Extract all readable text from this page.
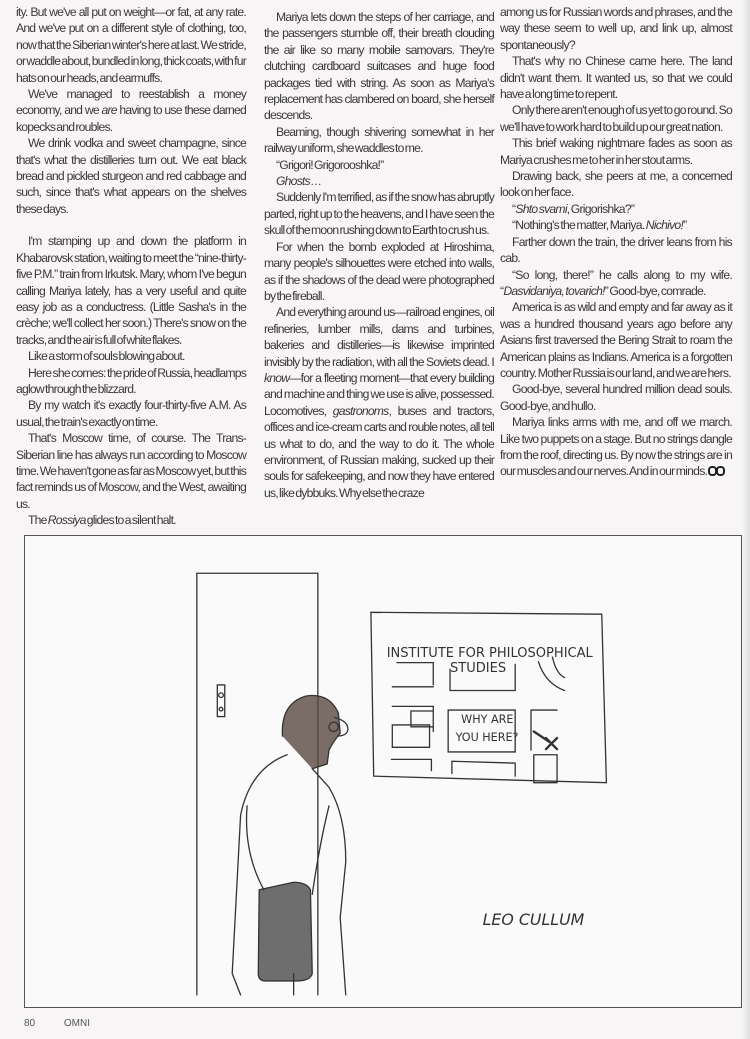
ity. But we've all put on weight—or fat, at any rate. And we've put on a different style of clothing, too, now that the Siberian winter's here at last. We stride, or waddle about, bundled in long, thick coats, with fur hats on our heads, and earmuffs.

We've managed to reestablish a money economy, and we are having to use these darned kopecks and roubles.

We drink vodka and sweet champagne, since that's what the distilleries turn out. We eat black bread and pickled sturgeon and red cabbage and such, since that's what appears on the shelves these days.

I'm stamping up and down the platform in Khabarovsk station, waiting to meet the “nine-thirty-five P.M.” train from Irkutsk. Mary, whom I've begun calling Mariya lately, has a very useful and quite easy job as a conductress. (Little Sasha's in the crèche; we'll collect her soon.) There's snow on the tracks, and the air is full of white flakes.

Like a storm of souls blowing about.

Here she comes: the pride of Russia, headlamps aglow through the blizzard.

By my watch it's exactly four-thirty-five A.M. As usual, the train's exactly on time.

That's Moscow time, of course. The Trans-Siberian line has always run according to Moscow time. We haven't gone as far as Moscow yet, but this fact reminds us of Moscow, and the West, awaiting us.

The Rossiya glides to a silent halt.

Mariya lets down the steps of her carriage, and the passengers stumble off, their breath clouding the air like so many mobile samovars. They're clutching cardboard suitcases and huge food packages tied with string. As soon as Mariya's replacement has clambered on board, she herself descends.

Beaming, though shivering somewhat in her railway uniform, she waddles to me.

“Grigori! Grigorooshka!”

Ghosts . . .

Suddenly I'm terrified, as if the snow has abruptly parted, right up to the heavens, and I have seen the skull of the moon rushing down to Earth to crush us.

For when the bomb exploded at Hiroshima, many people's silhouettes were etched into walls, as if the shadows of the dead were photographed by the fireball.

And everything around us—railroad engines, oil refineries, lumber mills, dams and turbines, bakeries and distilleries—is likewise imprinted invisibly by the radiation, with all the Soviets dead. I know—for a fleeting moment—that every building and machine and thing we use is alive, possessed. Locomotives, gastronoms, buses and tractors, offices and ice-cream carts and rouble notes, all tell us what to do, and the way to do it. The whole environment, of Russian making, sucked up their souls for safekeeping, and now they have entered us, like dybbuks. Why else the craze

among us for Russian words and phrases, and the way these seem to well up, and link up, almost spontaneously?

That's why no Chinese came here. The land didn't want them. It wanted us, so that we could have a long time to repent.

Only there aren't enough of us yet to go round. So we'll have to work hard to build up our great nation.

This brief waking nightmare fades as soon as Mariya crushes me to her in her stout arms.

Drawing back, she peers at me, a concerned look on her face.

“Shto svami, Grigorishka?”

“Nothing's the matter, Mariya. Nichivo!”

Farther down the train, the driver leans from his cab.

“So long, there!” he calls along to my wife. “Dasvidaniya, tovarich!” Good-bye, comrade.

America is as wild and empty and far away as it was a hundred thousand years ago before any Asians first traversed the Bering Strait to roam the American plains as Indians. America is a forgotten country. Mother Russia is our land, and we are hers.

Good-bye, several hundred million dead souls. Good-bye, and hullo.

Mariya links arms with me, and off we march. Like two puppets on a stage. But no strings dangle from the roof, directing us. By now the strings are in our muscles and our nerves. And in our minds.

INSTITUTE FOR PHILOSOPHICAL
STUDIES
WHY ARE
YOU HERE?
LEO CULLUM
80	OMNI
